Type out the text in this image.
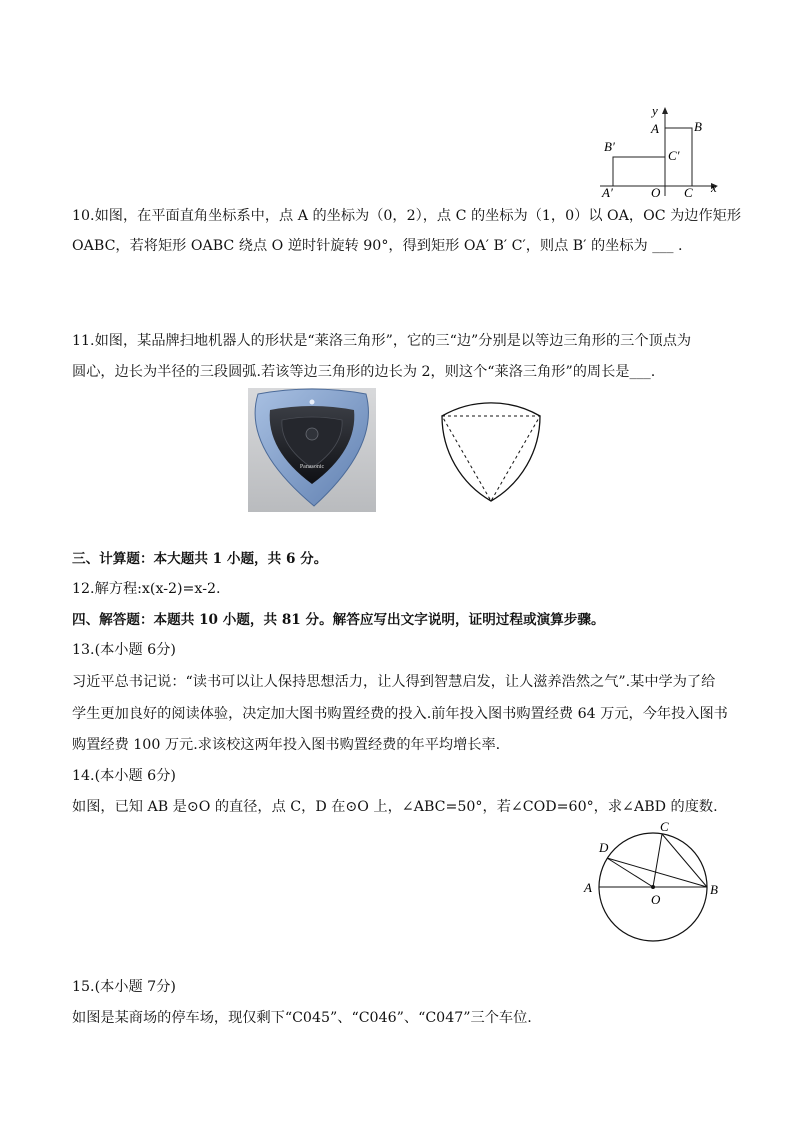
y
A	B
B′
C′
A′	O C x
10.如图，在平面直角坐标系中，点 A 的坐标为（0，2），点 C 的坐标为（1，0）以 OA，OC 为边作矩形
OABC，若将矩形 OABC 绕点 O 逆时针旋转 90°，得到矩形 OA′ B′ C′，则点 B′ 的坐标为 ___ .
11.如图，某品牌扫地机器人的形状是“莱洛三角形”，它的三“边”分别是以等边三角形的三个顶点为
圆心，边长为半径的三段圆弧.若该等边三角形的边长为 2，则这个“莱洛三角形”的周长是___.
Panasonic
三、计算题：本大题共 1 小题，共 6 分。
12.解方程:x(x-2)=x-2.
四、解答题：本题共 10 小题，共 81 分。解答应写出文字说明，证明过程或演算步骤。
13.(本小题 6分)
习近平总书记说：“读书可以让人保持思想活力，让人得到智慧启发，让人滋养浩然之气”.某中学为了给
学生更加良好的阅读体验，决定加大图书购置经费的投入.前年投入图书购置经费 64 万元，今年投入图书
购置经费 100 万元.求该校这两年投入图书购置经费的年平均增长率.
14.(本小题 6分)
如图，已知 AB 是⊙O 的直径，点 C，D 在⊙O 上，∠ABC=50°，若∠COD=60°，求∠ABD 的度数.
A	B
C
D
O
15.(本小题 7分)
如图是某商场的停车场，现仅剩下“C045”、“C046”、“C047”三个车位.
